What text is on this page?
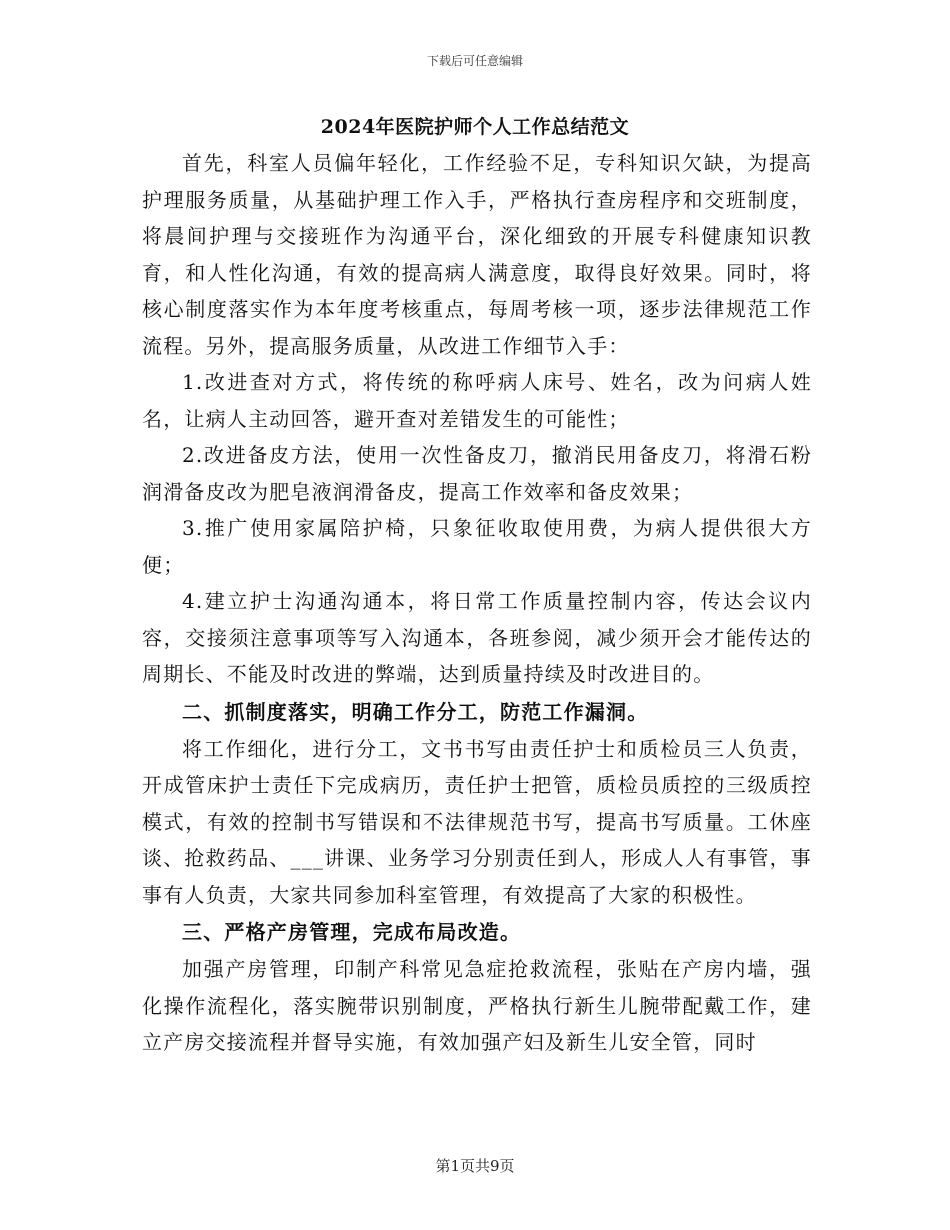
下载后可任意编辑
2024年医院护师个人工作总结范文

首先，科室人员偏年轻化，工作经验不足，专科知识欠缺，为提高护理服务质量，从基础护理工作入手，严格执行查房程序和交班制度，将晨间护理与交接班作为沟通平台，深化细致的开展专科健康知识教育，和人性化沟通，有效的提高病人满意度，取得良好效果。同时，将核心制度落实作为本年度考核重点，每周考核一项，逐步法律规范工作流程。另外，提高服务质量，从改进工作细节入手：

1.改进查对方式，将传统的称呼病人床号、姓名，改为问病人姓名，让病人主动回答，避开查对差错发生的可能性；

2.改进备皮方法，使用一次性备皮刀，撤消民用备皮刀，将滑石粉润滑备皮改为肥皂液润滑备皮，提高工作效率和备皮效果；

3.推广使用家属陪护椅，只象征收取使用费，为病人提供很大方便；

4.建立护士沟通沟通本，将日常工作质量控制内容，传达会议内容，交接须注意事项等写入沟通本，各班参阅，减少须开会才能传达的周期长、不能及时改进的弊端，达到质量持续及时改进目的。

二、抓制度落实，明确工作分工，防范工作漏洞。

将工作细化，进行分工，文书书写由责任护士和质检员三人负责，开成管床护士责任下完成病历，责任护士把管，质检员质控的三级质控模式，有效的控制书写错误和不法律规范书写，提高书写质量。工休座谈、抢救药品、___讲课、业务学习分别责任到人，形成人人有事管，事事有人负责，大家共同参加科室管理，有效提高了大家的积极性。

三、严格产房管理，完成布局改造。

加强产房管理，印制产科常见急症抢救流程，张贴在产房内墙，强化操作流程化，落实腕带识别制度，严格执行新生儿腕带配戴工作，建立产房交接流程并督导实施，有效加强产妇及新生儿安全管，同时

第1页共9页
